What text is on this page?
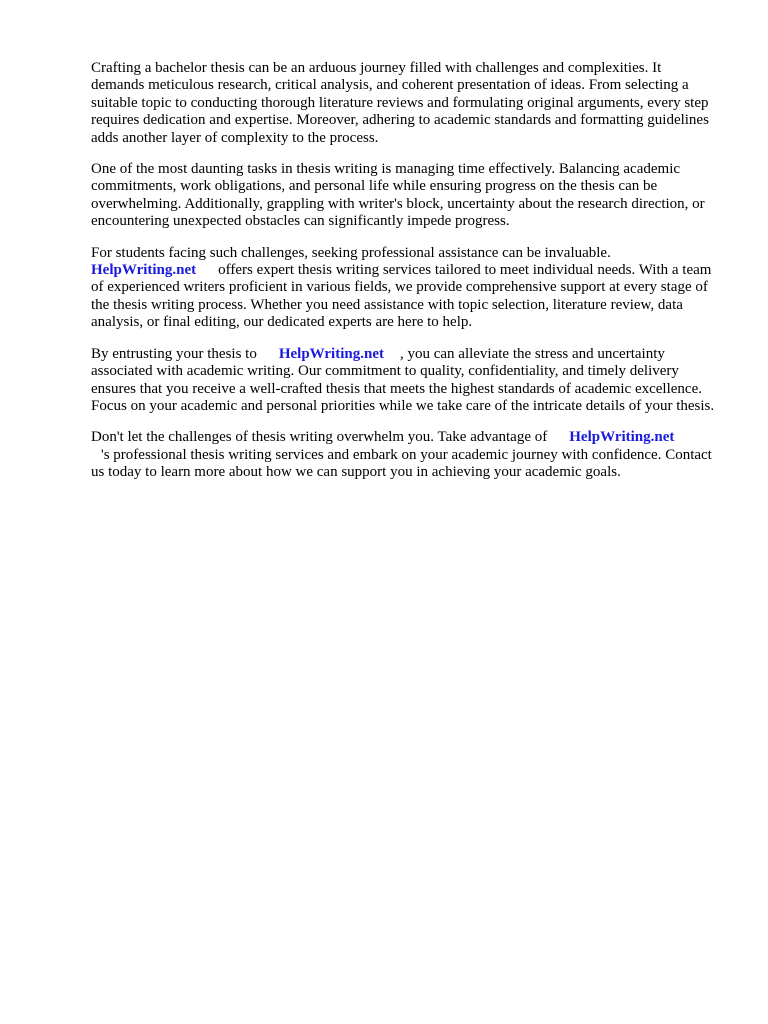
Crafting a bachelor thesis can be an arduous journey filled with challenges and complexities. It demands meticulous research, critical analysis, and coherent presentation of ideas. From selecting a suitable topic to conducting thorough literature reviews and formulating original arguments, every step requires dedication and expertise. Moreover, adhering to academic standards and formatting guidelines adds another layer of complexity to the process.

One of the most daunting tasks in thesis writing is managing time effectively. Balancing academic commitments, work obligations, and personal life while ensuring progress on the thesis can be overwhelming. Additionally, grappling with writer's block, uncertainty about the research direction, or encountering unexpected obstacles can significantly impede progress.

For students facing such challenges, seeking professional assistance can be invaluable.
HelpWriting.net offers expert thesis writing services tailored to meet individual needs. With a team of experienced writers proficient in various fields, we provide comprehensive support at every stage of the thesis writing process. Whether you need assistance with topic selection, literature review, data analysis, or final editing, our dedicated experts are here to help.

By entrusting your thesis to HelpWriting.net , you can alleviate the stress and uncertainty associated with academic writing. Our commitment to quality, confidentiality, and timely delivery ensures that you receive a well-crafted thesis that meets the highest standards of academic excellence. Focus on your academic and personal priorities while we take care of the intricate details of your thesis.

Don't let the challenges of thesis writing overwhelm you. Take advantage of HelpWriting.net
's professional thesis writing services and embark on your academic journey with confidence. Contact us today to learn more about how we can support you in achieving your academic goals.
